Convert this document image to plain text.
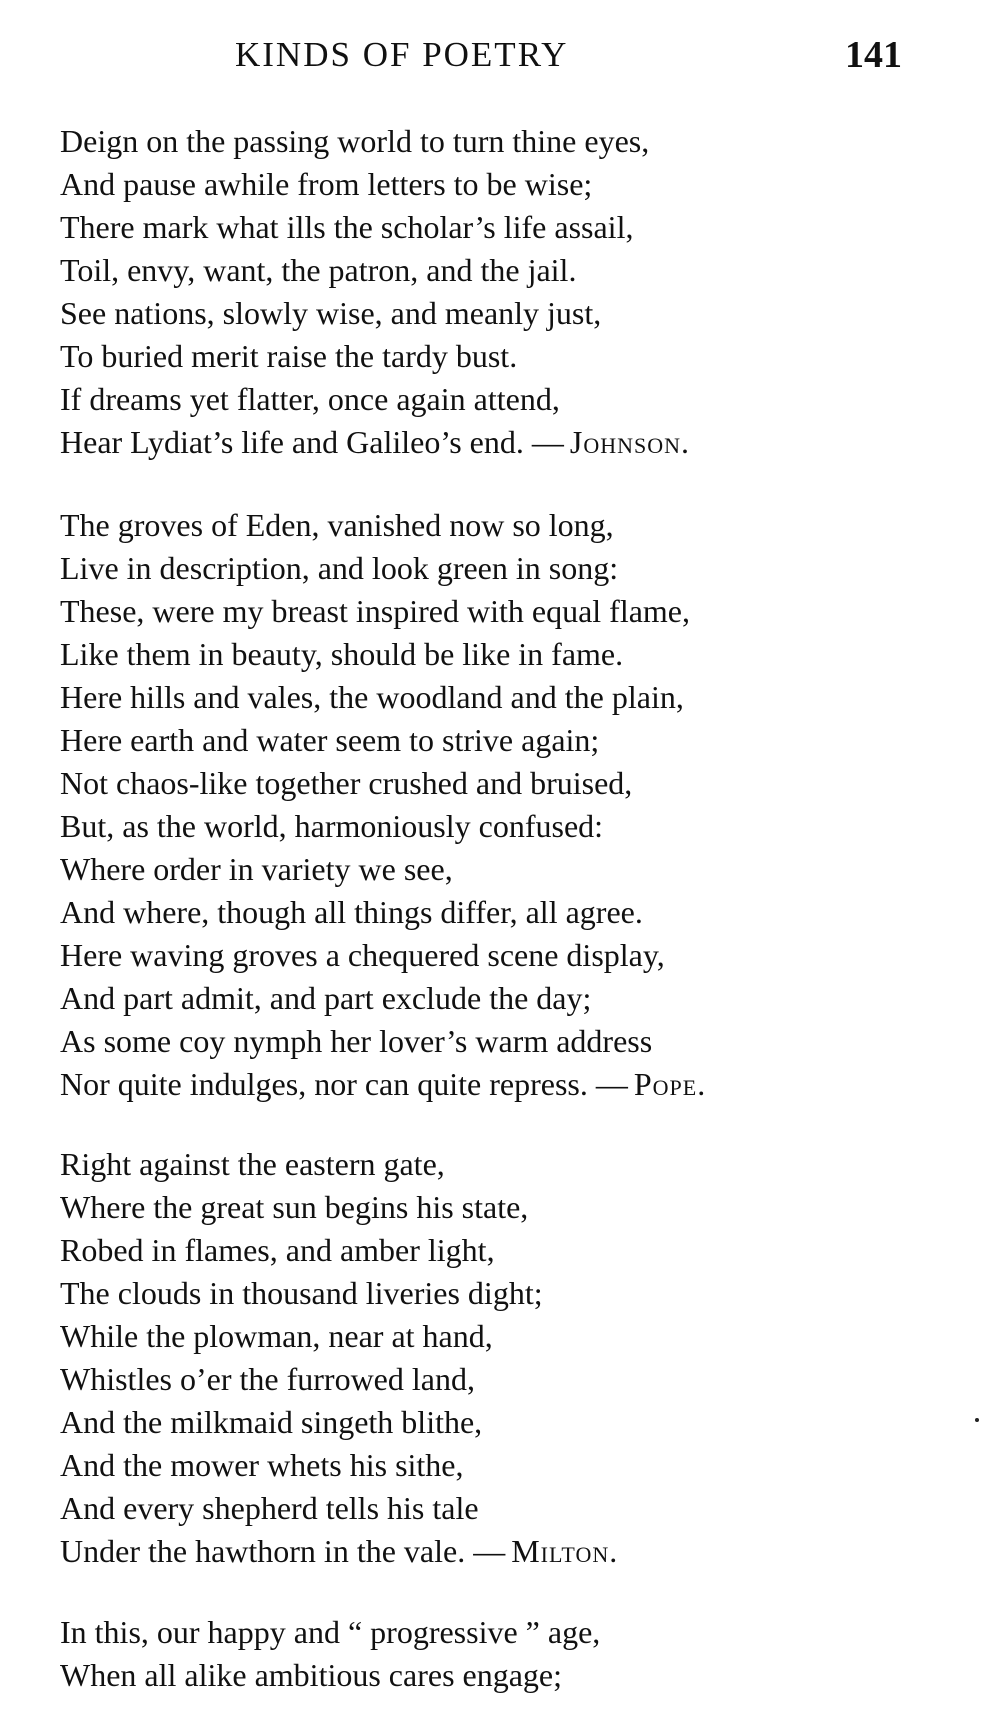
KINDS OF POETRY	141
Deign on the passing world to turn thine eyes,
And pause awhile from letters to be wise;
There mark what ills the scholar’s life assail,
Toil, envy, want, the patron, and the jail.
See nations, slowly wise, and meanly just,
To buried merit raise the tardy bust.
If dreams yet flatter, once again attend,
Hear Lydiat’s life and Galileo’s end. — Johnson.
The groves of Eden, vanished now so long,
Live in description, and look green in song:
These, were my breast inspired with equal flame,
Like them in beauty, should be like in fame.
Here hills and vales, the woodland and the plain,
Here earth and water seem to strive again;
Not chaos-like together crushed and bruised,
But, as the world, harmoniously confused:
Where order in variety we see,
And where, though all things differ, all agree.
Here waving groves a chequered scene display,
And part admit, and part exclude the day;
As some coy nymph her lover’s warm address
Nor quite indulges, nor can quite repress. — Pope.
Right against the eastern gate,
Where the great sun begins his state,
Robed in flames, and amber light,
The clouds in thousand liveries dight;
While the plowman, near at hand,
Whistles o’er the furrowed land,
And the milkmaid singeth blithe,
And the mower whets his sithe,
And every shepherd tells his tale
Under the hawthorn in the vale. — Milton.
In this, our happy and “ progressive ” age,
When all alike ambitious cares engage;
